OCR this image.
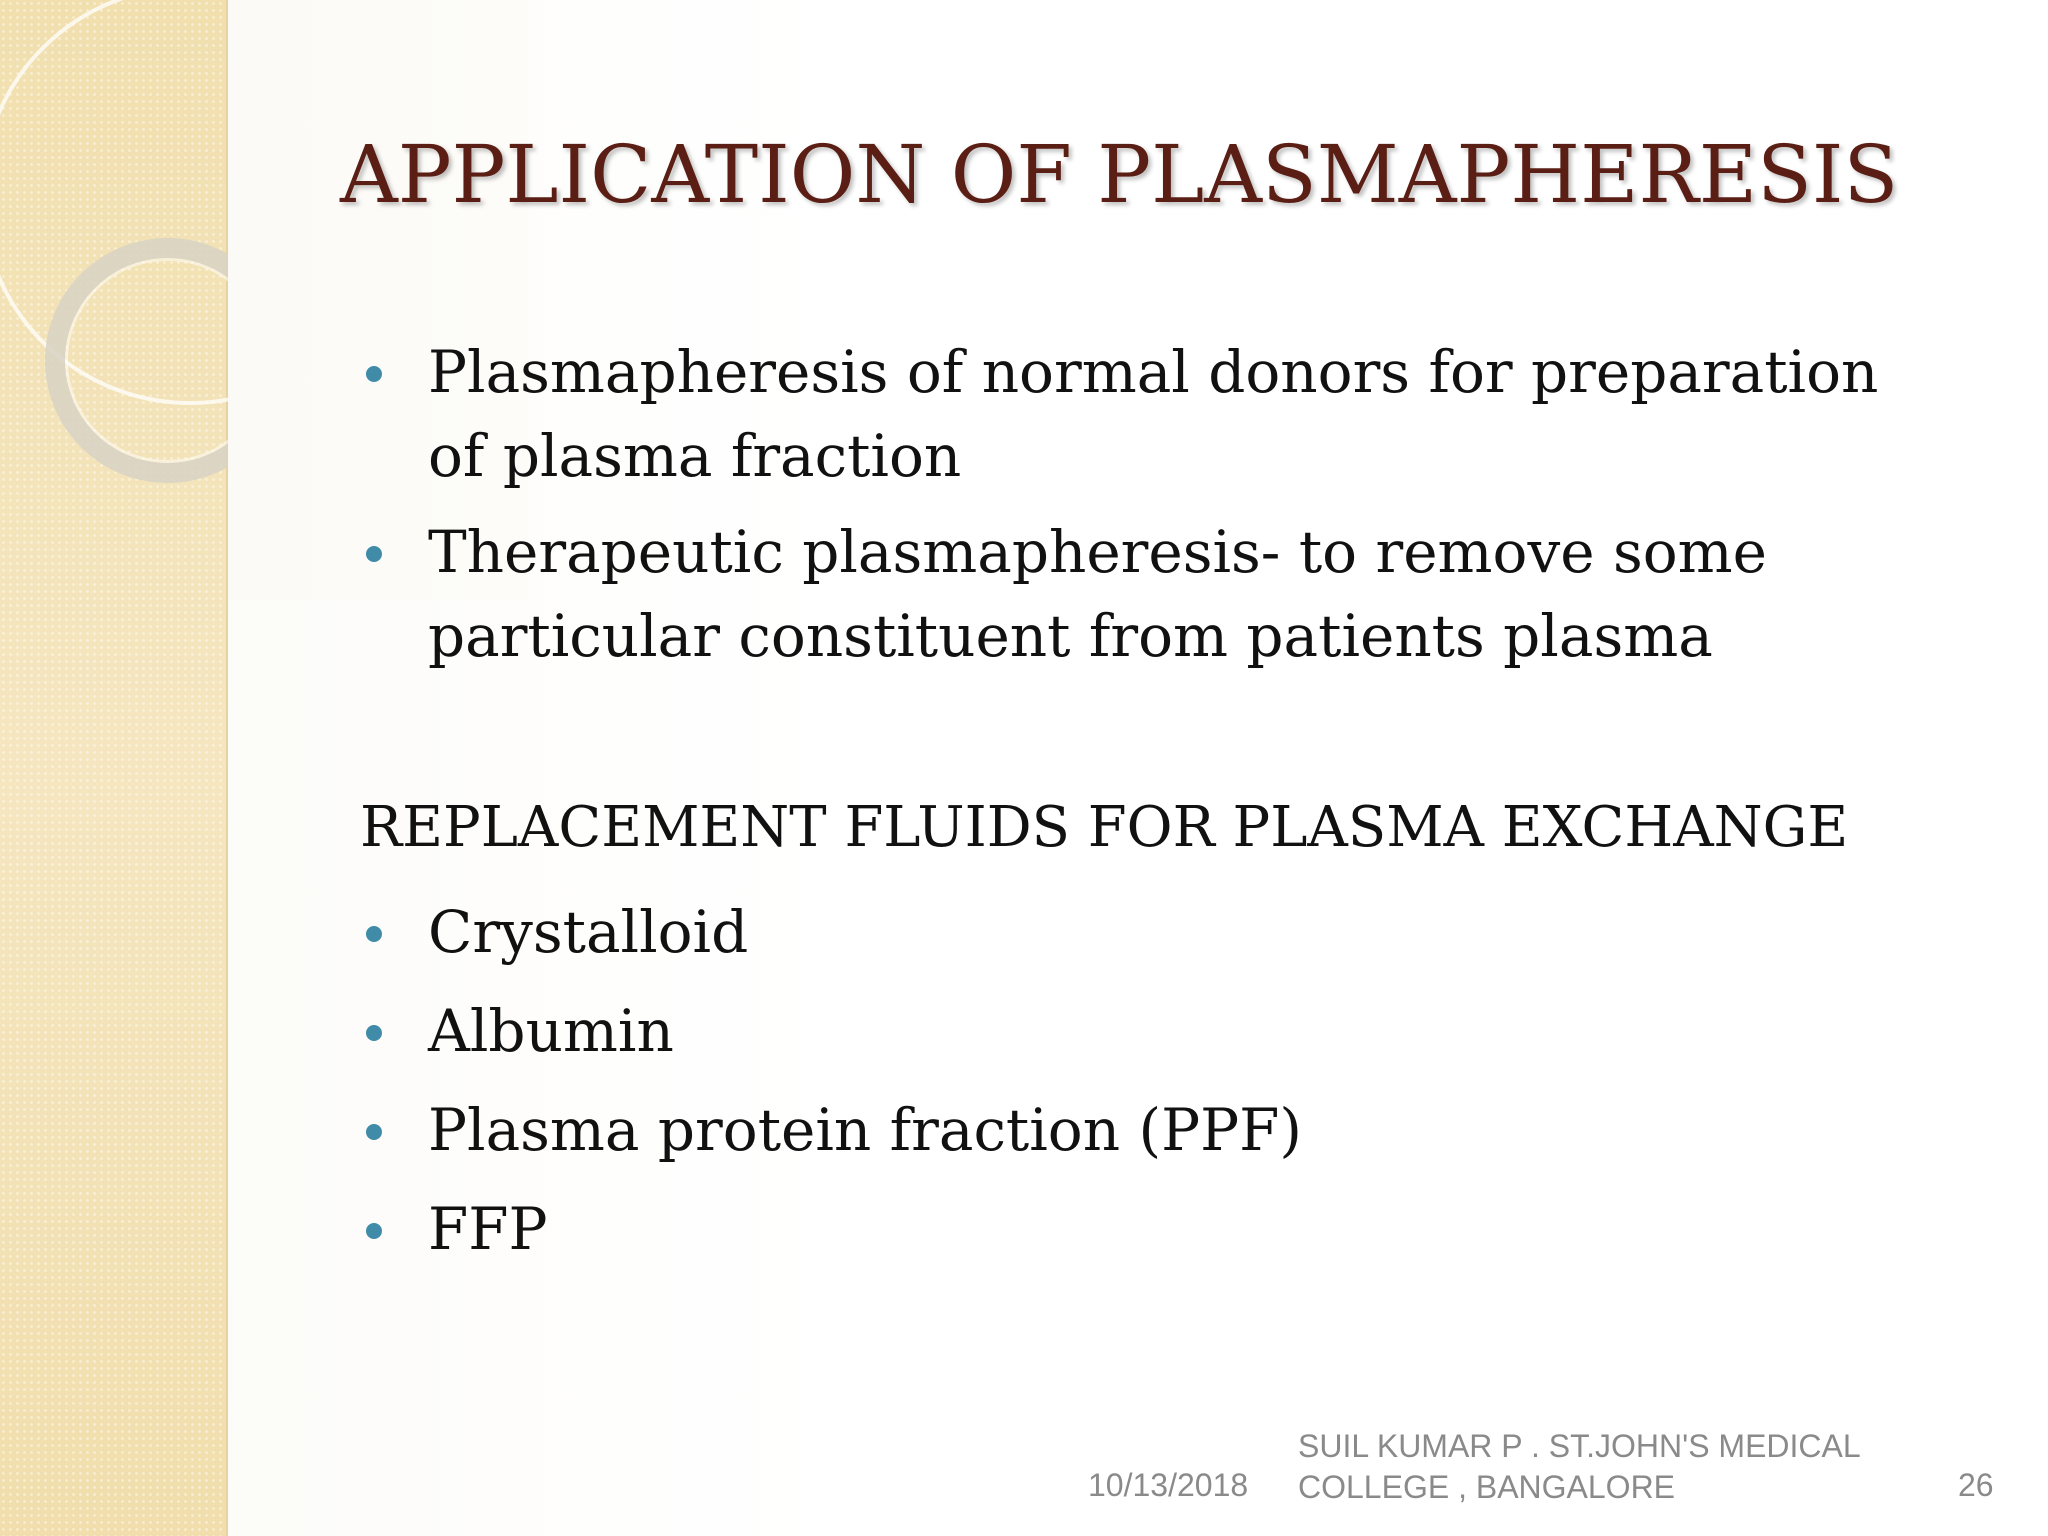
APPLICATION OF PLASMAPHERESIS
Plasmapheresis of normal donors for preparation of plasma fraction
Therapeutic plasmapheresis- to remove some particular constituent from patients plasma
REPLACEMENT FLUIDS FOR PLASMA EXCHANGE
Crystalloid
Albumin
Plasma protein fraction (PPF)
FFP
10/13/2018
SUIL KUMAR P . ST.JOHN'S MEDICAL COLLEGE , BANGALORE	26
